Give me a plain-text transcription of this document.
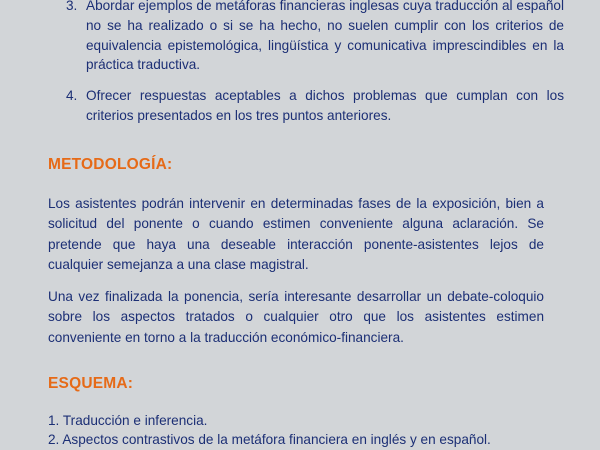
3. Abordar ejemplos de metáforas financieras inglesas cuya traducción al español no se ha realizado o si se ha hecho, no suelen cumplir con los criterios de equivalencia epistemológica, lingüística y comunicativa imprescindibles en la práctica traductiva.
4. Ofrecer respuestas aceptables a dichos problemas que cumplan con los criterios presentados en los tres puntos anteriores.
METODOLOGÍA:

Los asistentes podrán intervenir en determinadas fases de la exposición, bien a solicitud del ponente o cuando estimen conveniente alguna aclaración. Se pretende que haya una deseable interacción ponente-asistentes lejos de cualquier semejanza a una clase magistral.

Una vez finalizada la ponencia, sería interesante desarrollar un debate-coloquio sobre los aspectos tratados o cualquier otro que los asistentes estimen conveniente en torno a la traducción económico-financiera.

ESQUEMA:
1. Traducción e inferencia.
2. Aspectos contrastivos de la metáfora financiera en inglés y en español.
